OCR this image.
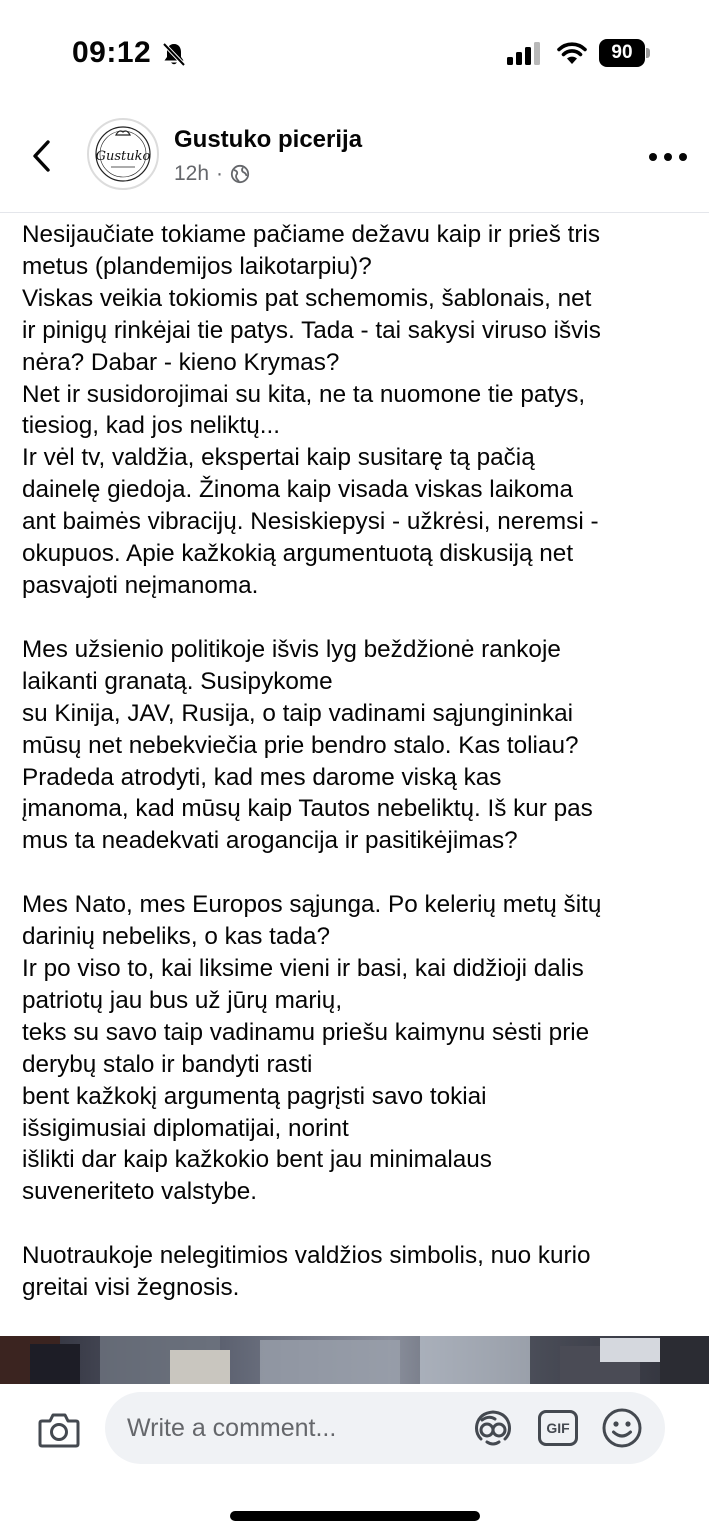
09:12	90
Gustuko
Gustuko picerija
12h ·

Nesijaučiate tokiame pačiame dežavu kaip ir prieš tris

metus (plandemijos laikotarpiu)?

Viskas veikia tokiomis pat schemomis, šablonais, net

ir pinigų rinkėjai tie patys. Tada - tai sakysi viruso išvis

nėra? Dabar - kieno Krymas?

Net ir susidorojimai su kita, ne ta nuomone tie patys,

tiesiog, kad jos neliktų...

Ir vėl tv, valdžia, ekspertai kaip susitarę tą pačią

dainelę giedoja. Žinoma kaip visada viskas laikoma

ant baimės vibracijų. Nesiskiepysi - užkrėsi, neremsi -

okupuos. Apie kažkokią argumentuotą diskusiją net

pasvajoti neįmanoma.

Mes užsienio politikoje išvis lyg beždžionė rankoje

laikanti granatą. Susipykome

su Kinija, JAV, Rusija, o taip vadinami sąjungininkai

mūsų net nebekviečia prie bendro stalo. Kas toliau?

Pradeda atrodyti, kad mes darome viską kas

įmanoma, kad mūsų kaip Tautos nebeliktų. Iš kur pas

mus ta neadekvati arogancija ir pasitikėjimas?

Mes Nato, mes Europos sąjunga. Po kelerių metų šitų

darinių nebeliks, o kas tada?

Ir po viso to, kai liksime vieni ir basi, kai didžioji dalis

patriotų jau bus už jūrų marių,

teks su savo taip vadinamu priešu kaimynu sėsti prie

derybų stalo ir bandyti rasti

bent kažkokį argumentą pagrįsti savo tokiai

išsigimusiai diplomatijai, norint

išlikti dar kaip kažkokio bent jau minimalaus

suveneriteto valstybe.

Nuotraukoje nelegitimios valdžios simbolis, nuo kurio

greitai visi žegnosis.

Write a comment...
GIF
